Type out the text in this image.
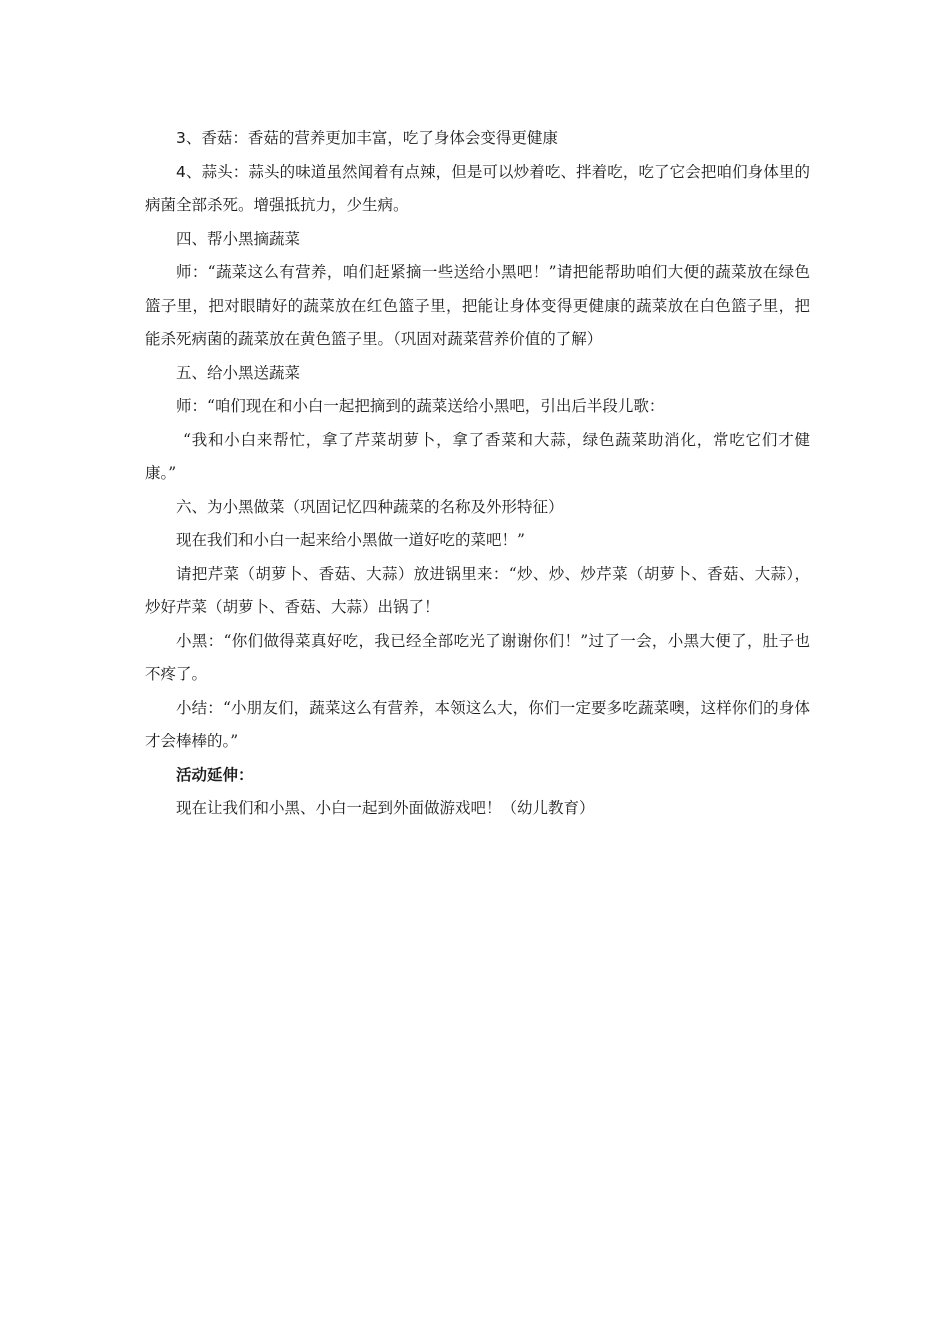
3、香菇：香菇的营养更加丰富，吃了身体会变得更健康

4、蒜头：蒜头的味道虽然闻着有点辣，但是可以炒着吃、拌着吃，吃了它会把咱们身体里的病菌全部杀死。增强抵抗力，少生病。

四、帮小黑摘蔬菜

师：“蔬菜这么有营养，咱们赶紧摘一些送给小黑吧！”请把能帮助咱们大便的蔬菜放在绿色篮子里，把对眼睛好的蔬菜放在红色篮子里，把能让身体变得更健康的蔬菜放在白色篮子里，把能杀死病菌的蔬菜放在黄色篮子里。（巩固对蔬菜营养价值的了解）

五、给小黑送蔬菜

师：“咱们现在和小白一起把摘到的蔬菜送给小黑吧，引出后半段儿歌：

“我和小白来帮忙，拿了芹菜胡萝卜，拿了香菜和大蒜，绿色蔬菜助消化，常吃它们才健康。”

六、为小黑做菜（巩固记忆四种蔬菜的名称及外形特征）

现在我们和小白一起来给小黑做一道好吃的菜吧！”

请把芹菜（胡萝卜、香菇、大蒜）放进锅里来：“炒、炒、炒芹菜（胡萝卜、香菇、大蒜），炒好芹菜（胡萝卜、香菇、大蒜）出锅了！

小黑：“你们做得菜真好吃，我已经全部吃光了谢谢你们！”过了一会，小黑大便了，肚子也不疼了。

小结：“小朋友们，蔬菜这么有营养，本领这么大，你们一定要多吃蔬菜噢，这样你们的身体才会棒棒的。”

活动延伸：

现在让我们和小黑、小白一起到外面做游戏吧！（幼儿教育）
